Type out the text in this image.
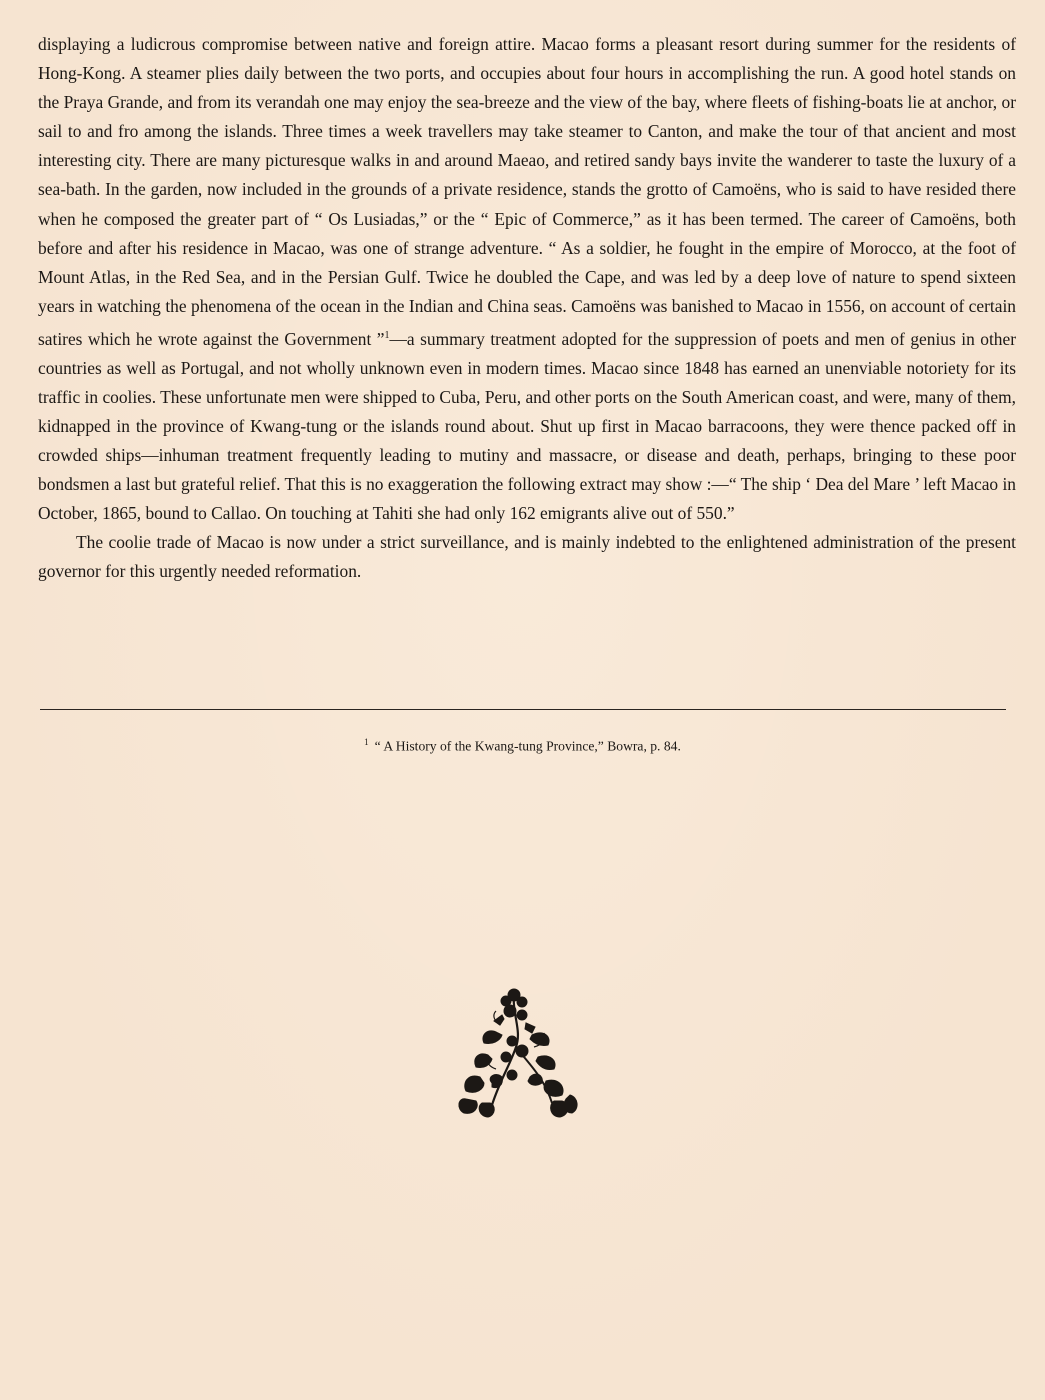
displaying a ludicrous compromise between native and foreign attire. Macao forms a pleasant resort during summer for the residents of Hong-Kong. A steamer plies daily between the two ports, and occupies about four hours in accomplishing the run. A good hotel stands on the Praya Grande, and from its verandah one may enjoy the sea-breeze and the view of the bay, where fleets of fishing-boats lie at anchor, or sail to and fro among the islands. Three times a week travellers may take steamer to Canton, and make the tour of that ancient and most interesting city. There are many picturesque walks in and around Maeao, and retired sandy bays invite the wanderer to taste the luxury of a sea-bath. In the garden, now included in the grounds of a private residence, stands the grotto of Camoëns, who is said to have resided there when he composed the greater part of “ Os Lusiadas,” or the “ Epic of Commerce,” as it has been termed. The career of Camoëns, both before and after his residence in Macao, was one of strange adventure. “ As a soldier, he fought in the empire of Morocco, at the foot of Mount Atlas, in the Red Sea, and in the Persian Gulf. Twice he doubled the Cape, and was led by a deep love of nature to spend sixteen years in watching the phenomena of the ocean in the Indian and China seas. Camoëns was banished to Macao in 1556, on account of certain satires which he wrote against the Government ”$^1$—a summary treatment adopted for the suppression of poets and men of genius in other countries as well as Portugal, and not wholly unknown even in modern times. Macao since 1848 has earned an unenviable notoriety for its traffic in coolies. These unfortunate men were shipped to Cuba, Peru, and other ports on the South American coast, and were, many of them, kidnapped in the province of Kwang-tung or the islands round about. Shut up first in Macao barracoons, they were thence packed off in crowded ships—inhuman treatment frequently leading to mutiny and massacre, or disease and death, perhaps, bringing to these poor bondsmen a last but grateful relief. That this is no exaggeration the following extract may show :—“ The ship ‘ Dea del Mare ’ left Macao in October, 1865, bound to Callao. On touching at Tahiti she had only 162 emigrants alive out of 550.”

The coolie trade of Macao is now under a strict surveillance, and is mainly indebted to the enlightened administration of the present governor for this urgently needed reformation.

$^1$ “ A History of the Kwang-tung Province,” Bowra, p. 84.
